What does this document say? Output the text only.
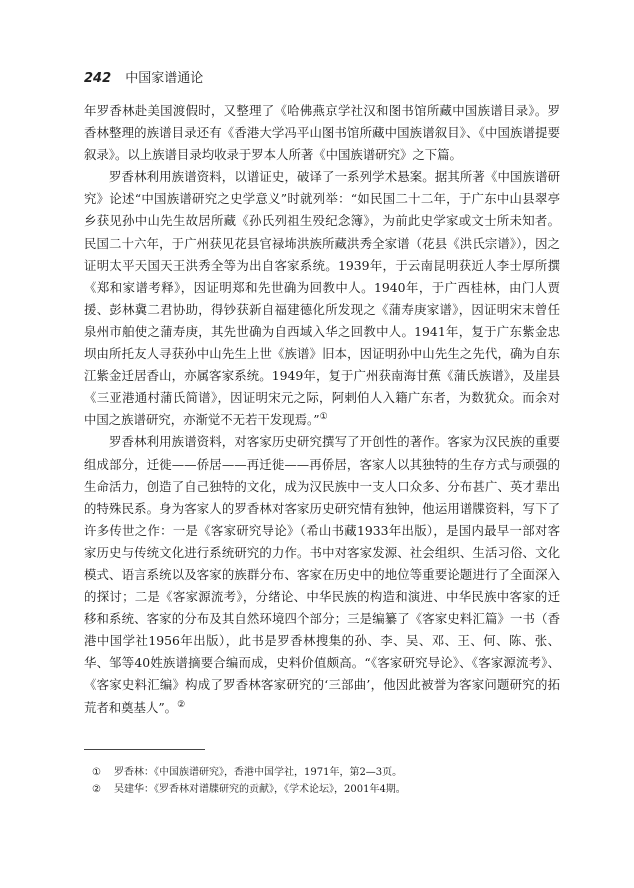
242 中国家谱通论

年罗香林赴美国渡假时，又整理了《哈佛燕京学社汉和图书馆所藏中国族谱目录》。罗香林整理的族谱目录还有《香港大学冯平山图书馆所藏中国族谱叙目》、《中国族谱提要叙录》。以上族谱目录均收录于罗本人所著《中国族谱研究》之下篇。

罗香林利用族谱资料，以谱证史，破译了一系列学术悬案。据其所著《中国族谱研究》论述“中国族谱研究之史学意义”时就列举：“如民国二十二年，于广东中山县翠亭乡获见孙中山先生故居所藏《孙氏列祖生殁纪念簿》，为前此史学家或文士所未知者。民国二十六年，于广州获见花县官禄㘵洪族所藏洪秀全家谱（花县《洪氏宗谱》），因之证明太平天国天王洪秀全等为出自客家系统。1939年，于云南昆明获近人李士厚所撰《郑和家谱考释》，因证明郑和先世确为回教中人。1940年，于广西桂林，由门人贾援、彭林冀二君协助，得钞获新自福建德化所发现之《蒲寿庚家谱》，因证明宋末曾任泉州市舶使之蒲寿庚，其先世确为自西域入华之回教中人。1941年，复于广东紫金忠坝由所托友人寻获孙中山先生上世《族谱》旧本，因证明孙中山先生之先代，确为自东江紫金迁居香山，亦属客家系统。1949年，复于广州获南海甘蕉《蒲氏族谱》，及崖县《三亚港通村蒲氏简谱》，因证明宋元之际，阿剌伯人入籍广东者，为数犹众。而余对中国之族谱研究，亦渐觉不无若干发现焉。”①

罗香林利用族谱资料，对客家历史研究撰写了开创性的著作。客家为汉民族的重要组成部分，迁徙——侨居——再迁徙——再侨居，客家人以其独特的生存方式与顽强的生命活力，创造了自己独特的文化，成为汉民族中一支人口众多、分布甚广、英才辈出的特殊民系。身为客家人的罗香林对客家历史研究情有独钟，他运用谱牒资料，写下了许多传世之作：一是《客家研究导论》（希山书藏1933年出版），是国内最早一部对客家历史与传统文化进行系统研究的力作。书中对客家发源、社会组织、生活习俗、文化模式、语言系统以及客家的族群分布、客家在历史中的地位等重要论题进行了全面深入的探讨；二是《客家源流考》，分绪论、中华民族的构造和演进、中华民族中客家的迁移和系统、客家的分布及其自然环境四个部分；三是编纂了《客家史料汇篇》一书（香港中国学社1956年出版），此书是罗香林搜集的孙、李、吴、邓、王、何、陈、张、华、邹等40姓族谱摘要合编而成，史料价值颇高。“《客家研究导论》、《客家源流考》、《客家史料汇编》构成了罗香林客家研究的‘三部曲’，他因此被誉为客家问题研究的拓荒者和奠基人”。②

①	罗香林：《中国族谱研究》，香港中国学社，1971年，第2—3页。
②	吴建华：《罗香林对谱牒研究的贡献》，《学术论坛》，2001年4期。
